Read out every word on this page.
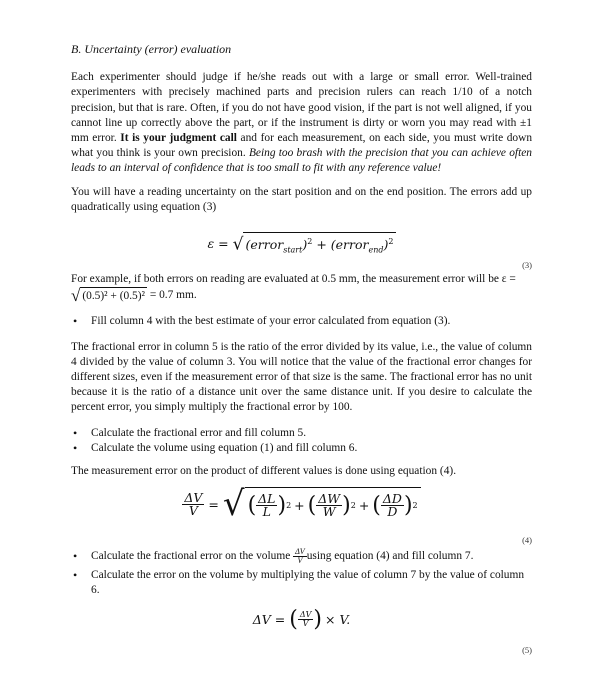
B. Uncertainty (error) evaluation

Each experimenter should judge if he/she reads out with a large or small error. Well-trained experimenters with precisely machined parts and precision rulers can reach 1/10 of a notch precision, but that is rare. Often, if you do not have good vision, if the part is not well aligned, if you cannot line up correctly above the part, or if the instrument is dirty or worn you may read with ±1 mm error. It is your judgment call and for each measurement, on each side, you must write down what you think is your own precision. Being too brash with the precision that you can achieve often leads to an interval of confidence that is too small to fit with any reference value!

You will have a reading uncertainty on the start position and on the end position. The errors add up quadratically using equation (3)

ε = √ (error$_{start}$)$^2$ + (error$_{end}$)$^2$
(3)

For example, if both errors on reading are evaluated at 0.5 mm, the measurement error will be ε =
√ (0.5)² + (0.5)² = 0.7 mm.

• Fill column 4 with the best estimate of your error calculated from equation (3).

The fractional error in column 5 is the ratio of the error divided by its value, i.e., the value of column 4 divided by the value of column 3. You will notice that the value of the fractional error changes for different sizes, even if the measurement error of that size is the same. The fractional error has no unit because it is the ratio of a distance unit over the same distance unit. If you desire to calculate the percent error, you simply multiply the fractional error by 100.

• Calculate the fractional error and fill column 5.
• Calculate the volume using equation (1) and fill column 6.

The measurement error on the product of different values is done using equation (4).

$\frac{\Delta V}{V}$ = √ ( $\frac{\Delta L}{L}$ ) 2 + ( $\frac{\Delta W}{W}$ ) 2 + ( $\frac{\Delta D}{D}$ ) 2
(4)
• Calculate the fractional error on the volume $\frac{\Delta V}{V}$ using equation (4) and fill column 7.
• Calculate the error on the volume by multiplying the value of column 7 by the value of column 6.
ΔV = ( $\frac{\Delta V}{V}$ ) × V.
(5)
